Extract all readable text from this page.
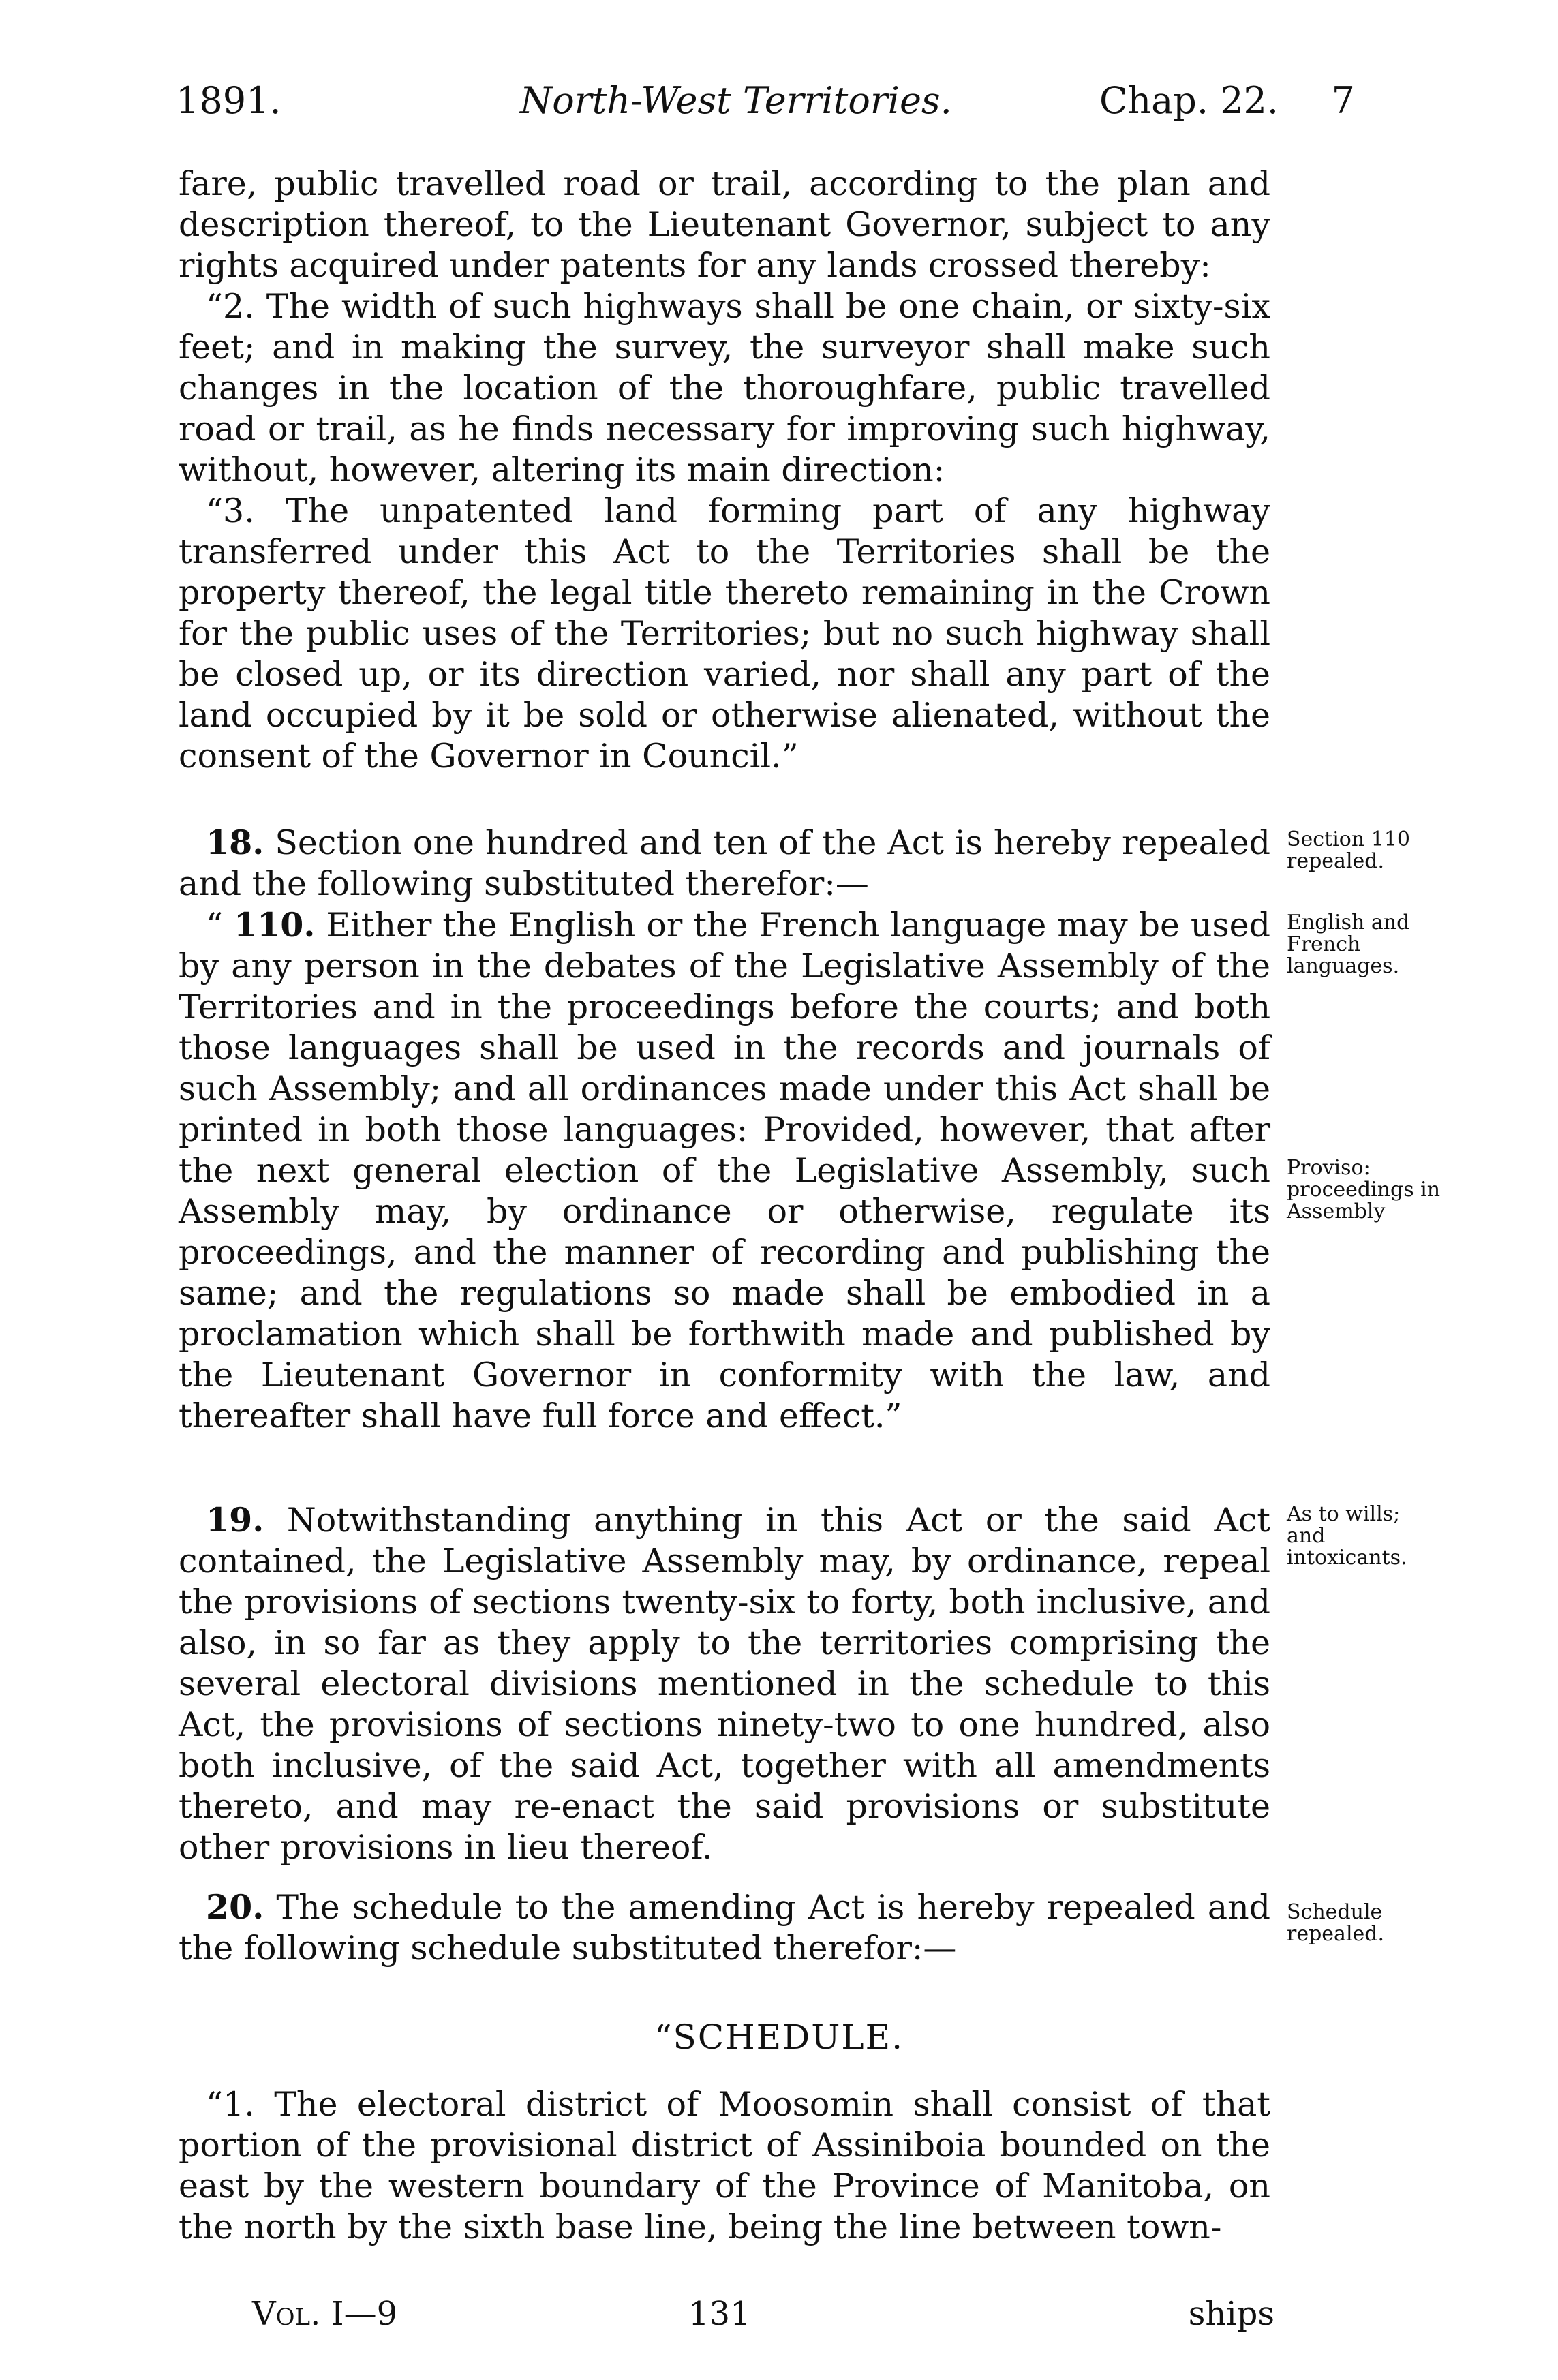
1891.	North-West Territories.	Chap. 22. 7

fare, public travelled road or trail, according to the plan and description thereof, to the Lieutenant Governor, subject to any rights acquired under patents for any lands crossed thereby:

“2. The width of such highways shall be one chain, or sixty-six feet; and in making the survey, the surveyor shall make such changes in the location of the thoroughfare, public travelled road or trail, as he finds necessary for improving such highway, without, however, altering its main direction:

“3. The unpatented land forming part of any highway transferred under this Act to the Territories shall be the property thereof, the legal title thereto remaining in the Crown for the public uses of the Territories; but no such highway shall be closed up, or its direction varied, nor shall any part of the land occupied by it be sold or otherwise alienated, without the consent of the Governor in Council.”

18. Section one hundred and ten of the Act is hereby repealed and the following substituted therefor:—

“ 110. Either the English or the French language may be used by any person in the debates of the Legislative Assembly of the Territories and in the proceedings before the courts; and both those languages shall be used in the records and journals of such Assembly; and all ordinances made under this Act shall be printed in both those languages: Provided, however, that after the next general election of the Legislative Assembly, such Assembly may, by ordinance or otherwise, regulate its proceedings, and the manner of recording and publishing the same; and the regulations so made shall be embodied in a proclamation which shall be forthwith made and published by the Lieutenant Governor in conformity with the law, and thereafter shall have full force and effect.”

19. Notwithstanding anything in this Act or the said Act contained, the Legislative Assembly may, by ordinance, repeal the provisions of sections twenty-six to forty, both inclusive, and also, in so far as they apply to the territories comprising the several electoral divisions mentioned in the schedule to this Act, the provisions of sections ninety-two to one hundred, also both inclusive, of the said Act, together with all amendments thereto, and may re-enact the said provisions or substitute other provisions in lieu thereof.

20. The schedule to the amending Act is hereby repealed and the following schedule substituted therefor:—

“SCHEDULE.

“1. The electoral district of Moosomin shall consist of that portion of the provisional district of Assiniboia bounded on the east by the western boundary of the Province of Manitoba, on the north by the sixth base line, being the line between town-

Section 110 repealed.
English and French languages.
Proviso: proceedings in Assembly
As to wills; and intoxicants.
Schedule repealed.
Vol. I—9	131	ships
